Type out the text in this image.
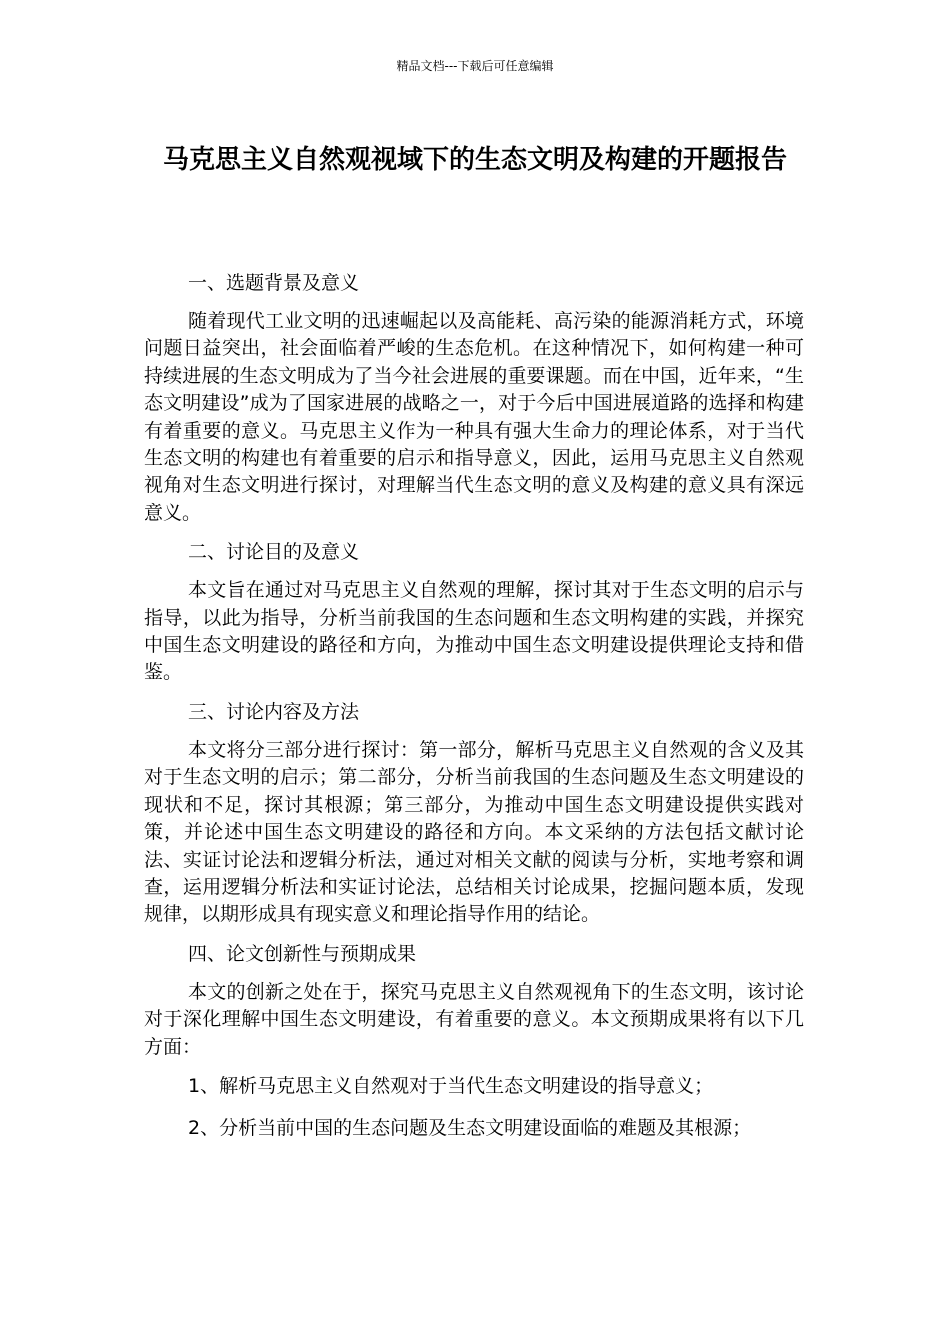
精品文档---下载后可任意编辑
马克思主义自然观视域下的生态文明及构建的开题报告
一、选题背景及意义

随着现代工业文明的迅速崛起以及高能耗、高污染的能源消耗方式，环境问题日益突出，社会面临着严峻的生态危机。在这种情况下，如何构建一种可持续进展的生态文明成为了当今社会进展的重要课题。而在中国，近年来，“生态文明建设”成为了国家进展的战略之一，对于今后中国进展道路的选择和构建有着重要的意义。马克思主义作为一种具有强大生命力的理论体系，对于当代生态文明的构建也有着重要的启示和指导意义，因此，运用马克思主义自然观视角对生态文明进行探讨，对理解当代生态文明的意义及构建的意义具有深远意义。

二、讨论目的及意义

本文旨在通过对马克思主义自然观的理解，探讨其对于生态文明的启示与指导，以此为指导，分析当前我国的生态问题和生态文明构建的实践，并探究中国生态文明建设的路径和方向，为推动中国生态文明建设提供理论支持和借鉴。

三、讨论内容及方法

本文将分三部分进行探讨：第一部分，解析马克思主义自然观的含义及其对于生态文明的启示；第二部分，分析当前我国的生态问题及生态文明建设的现状和不足，探讨其根源；第三部分，为推动中国生态文明建设提供实践对策，并论述中国生态文明建设的路径和方向。本文采纳的方法包括文献讨论法、实证讨论法和逻辑分析法，通过对相关文献的阅读与分析，实地考察和调查，运用逻辑分析法和实证讨论法，总结相关讨论成果，挖掘问题本质，发现规律，以期形成具有现实意义和理论指导作用的结论。

四、论文创新性与预期成果

本文的创新之处在于，探究马克思主义自然观视角下的生态文明，该讨论对于深化理解中国生态文明建设，有着重要的意义。本文预期成果将有以下几方面：

1、解析马克思主义自然观对于当代生态文明建设的指导意义；
2、分析当前中国的生态问题及生态文明建设面临的难题及其根源；
